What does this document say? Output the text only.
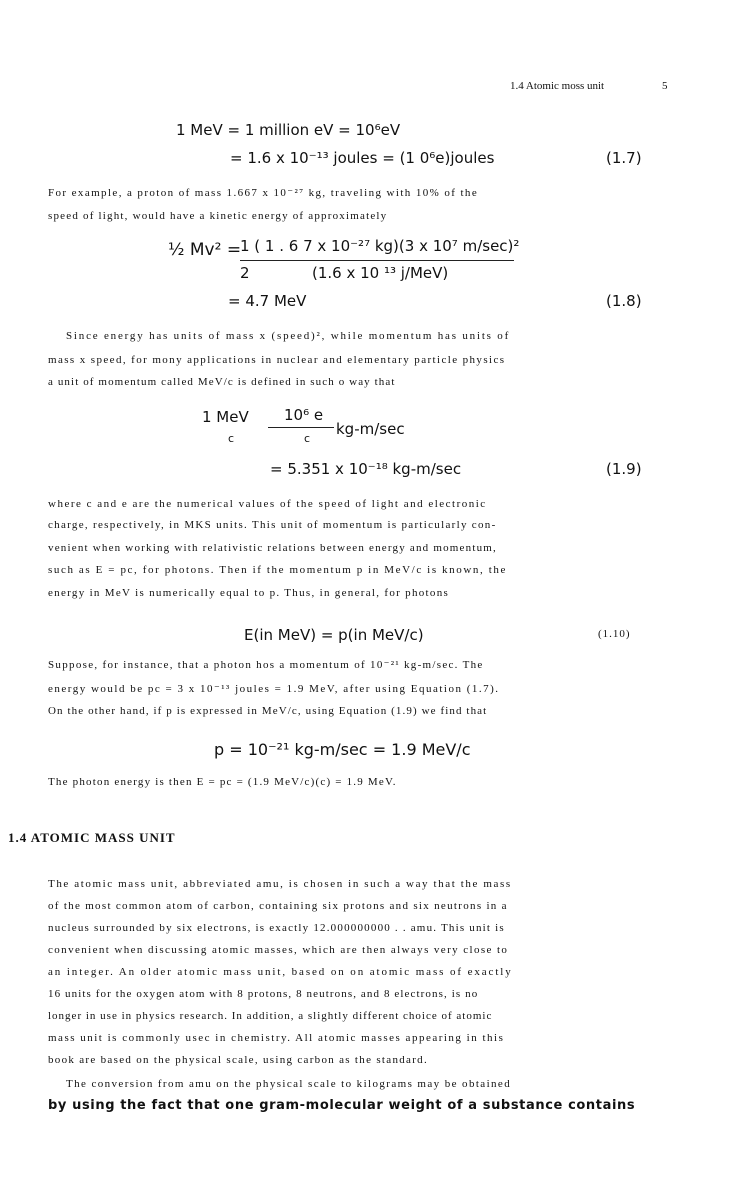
1.4 Atomic moss unit	5
1 MeV = 1 million eV = 10⁶eV
= 1.6 x 10⁻¹³ joules = (1 0⁶e)joules	(1.7)
For example, a proton of mass 1.667 x 10⁻²⁷ kg, traveling with 10% of the
speed of light, would have a kinetic energy of approximately
½ Mv² =
1 ( 1 . 6 7 x 10⁻²⁷ kg)(3 x 10⁷ m/sec)²
2	(1.6 x 10 ¹³ j/MeV)
= 4.7 MeV	(1.8)
Since energy has units of mass x (speed)², while momentum has units of
mass x speed, for mony applications in nuclear and elementary particle physics
a unit of momentum called MeV/c is defined in such o way that
1 MeV
c
10⁶ e
c
kg-m/sec
= 5.351 x 10⁻¹⁸ kg-m/sec	(1.9)
where c and e are the numerical values of the speed of light and electronic
charge, respectively, in MKS units. This unit of momentum is particularly con-
venient when working with relativistic relations between energy and momentum,
such as E = pc, for photons. Then if the momentum p in MeV/c is known, the
energy in MeV is numerically equal to p. Thus, in general, for photons
E(in MeV) = p(in MeV/c)	(1.10)
Suppose, for instance, that a photon hos a momentum of 10⁻²¹ kg-m/sec. The
energy would be pc = 3 x 10⁻¹³ joules = 1.9 MeV, after using Equation (1.7).
On the other hand, if p is expressed in MeV/c, using Equation (1.9) we find that
p = 10⁻²¹ kg-m/sec = 1.9 MeV/c
The photon energy is then E = pc = (1.9 MeV/c)(c) = 1.9 MeV.
1.4 ATOMIC MASS UNIT
The atomic mass unit, abbreviated amu, is chosen in such a way that the mass
of the most common atom of carbon, containing six protons and six neutrons in a
nucleus surrounded by six electrons, is exactly 12.000000000 . . amu. This unit is
convenient when discussing atomic masses, which are then always very close to
an integer. An older atomic mass unit, based on on atomic mass of exactly
16 units for the oxygen atom with 8 protons, 8 neutrons, and 8 electrons, is no
longer in use in physics research. In addition, a slightly different choice of atomic
mass unit is commonly usec in chemistry. All atomic masses appearing in this
book are based on the physical scale, using carbon as the standard.
The conversion from amu on the physical scale to kilograms may be obtained
by using the fact that one gram-molecular weight of a substance contains
